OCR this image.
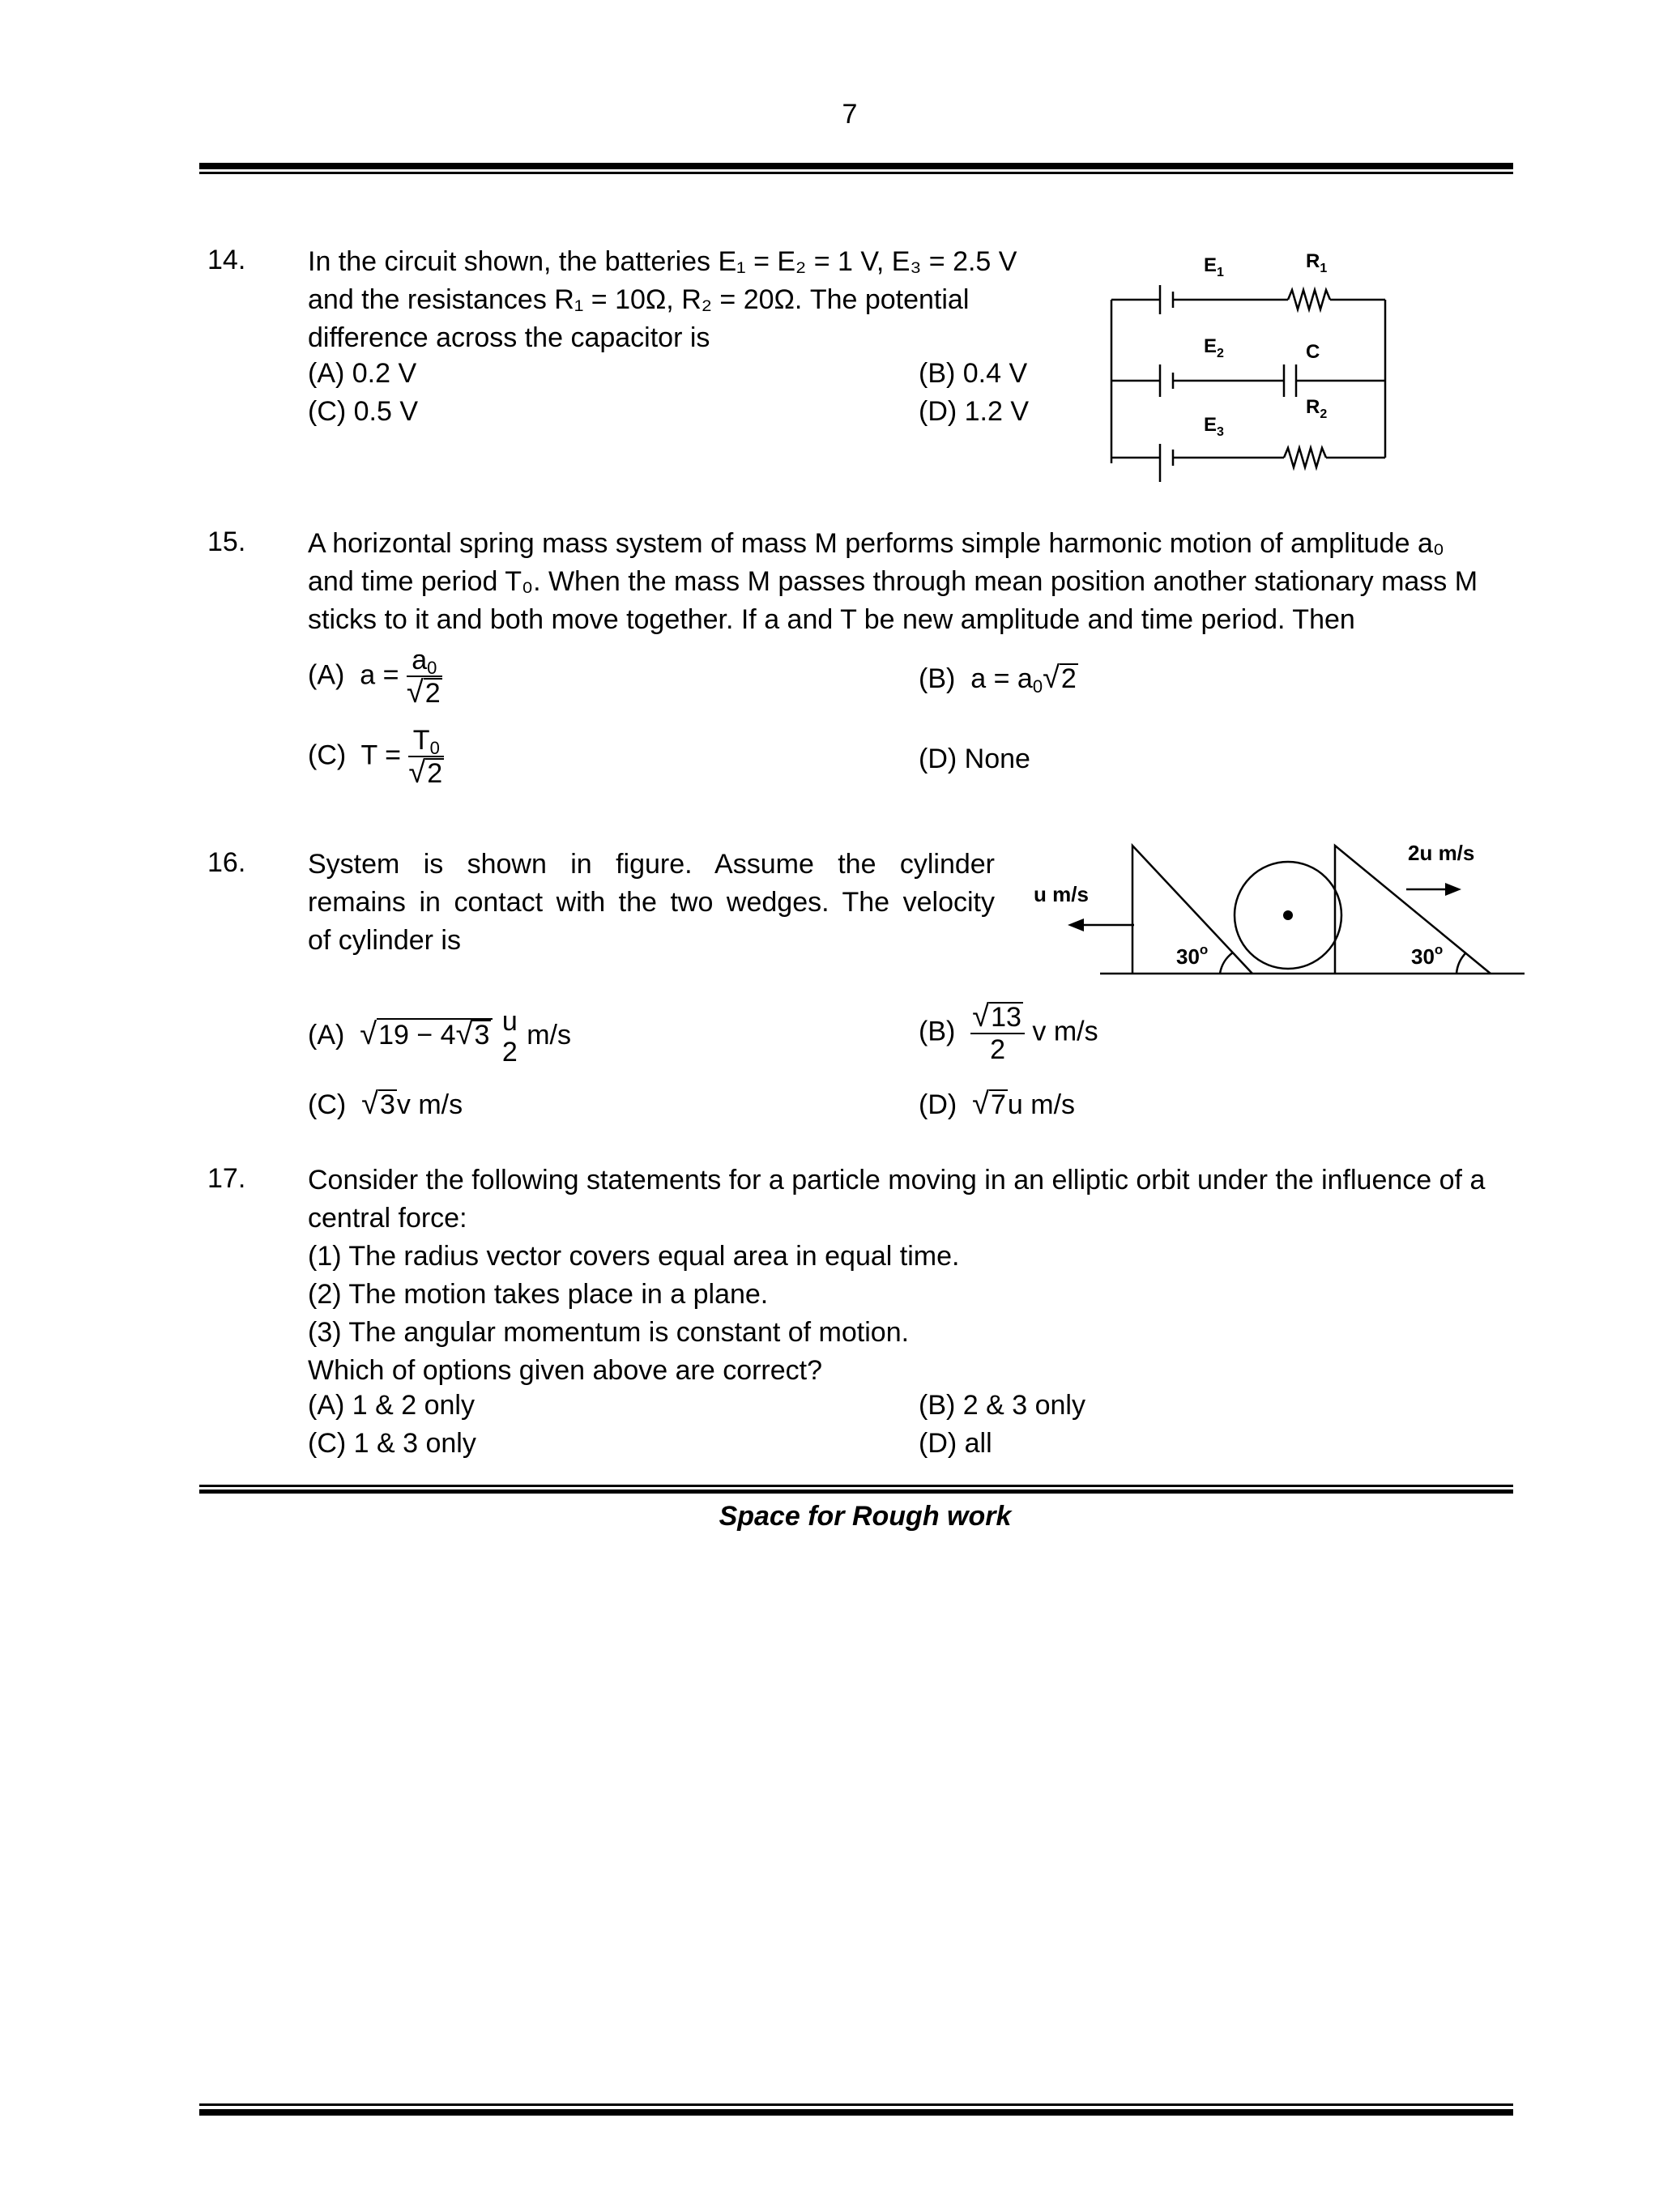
7
14. In the circuit shown, the batteries E₁ = E₂ = 1 V, E₃ = 2.5 V
and the resistances R₁ = 10Ω, R₂ = 20Ω. The potential
difference across the capacitor is
(A) 0.2 V	(B) 0.4 V
(C) 0.5 V	(D) 1.2 V
$E_1$
$R_1$
$E_2$	C
$R_2$
$E_3$
15. A horizontal spring mass system of mass M performs simple harmonic motion of amplitude a₀
and time period T₀. When the mass M passes through mean position another stationary mass M
sticks to it and both move together. If a and T be new amplitude and time period. Then
(A) $a = \frac{a_0}{√2}$	(B) $a = a_0√2$
(C) $T = \frac{T_0}{√2}$	(D) None
16. System is shown in figure. Assume the cylinder
remains in contact with the two wedges. The velocity
of cylinder is
u m/s
2u m/s
30$^o$	30$^o$
(A) √19 − 4√3 u
2
m/s	$(B) \frac{√13}{2}$ v m/s
(C) √3v m/s	(D) √7u m/s
17. Consider the following statements for a particle moving in an elliptic orbit under the influence of a
central force:
(1) The radius vector covers equal area in equal time.
(2) The motion takes place in a plane.
(3) The angular momentum is constant of motion.
Which of options given above are correct?
(A) 1 & 2 only	(B) 2 & 3 only
(C) 1 & 3 only	(D) all
Space for Rough work
